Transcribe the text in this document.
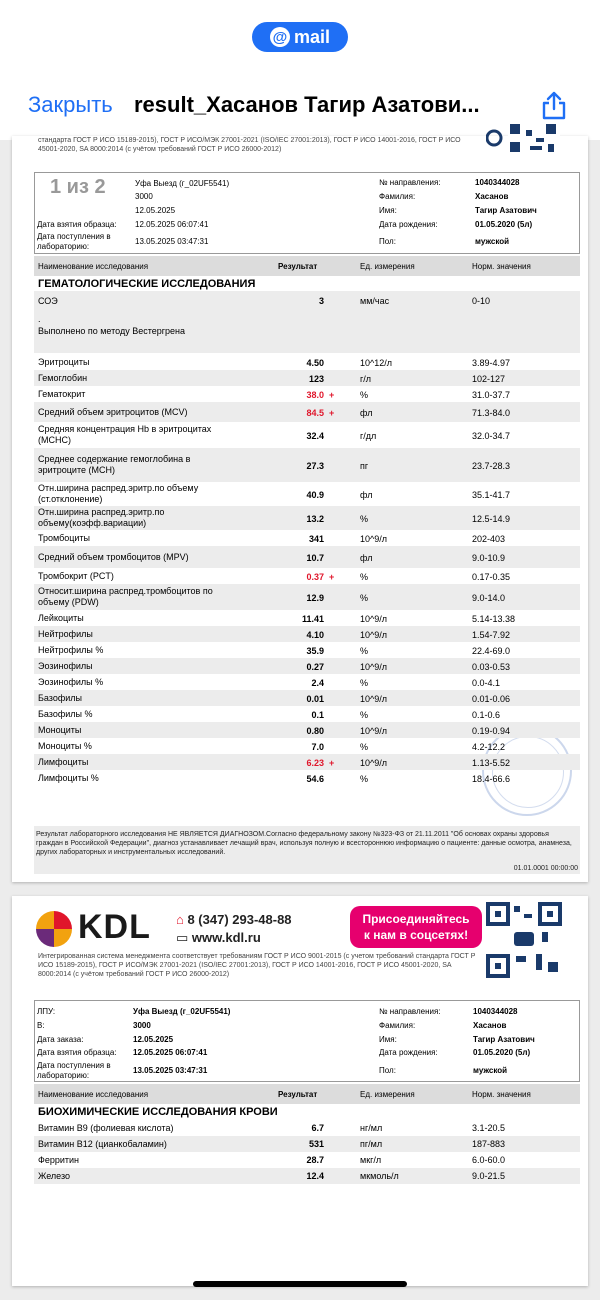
@ mail
Закрыть result_Хасанов Тагир Азатови...
стандарта ГОСТ Р ИСО 15189-2015), ГОСТ Р ИСО/МЭК 27001-2021 (ISO/IEC 27001:2013), ГОСТ Р ИСО 14001-2016, ГОСТ Р ИСО 45001-2020, SA 8000:2014 (с учётом требований ГОСТ Р ИСО 26000-2012)
Уфа Выезд (г_02UF5541)
3000
12.05.2025
Дата взятия образца: 12.05.2025 06:07:41
Дата поступления в лабораторию:
13.05.2025 03:47:31
№ направления:	1040344028
Фамилия:	Хасанов
Имя:	Тагир Азатович
Дата рождения:	01.05.2020 (5л)
Пол:	мужской
1 из 2
Наименование исследования	Результат	Ед. измерения	Норм. значения
ГЕМАТОЛОГИЧЕСКИЕ ИССЛЕДОВАНИЯ
СОЭ	3	мм/час	0-10
.
Выполнено по методу Вестергрена
Результат лабораторного исследования НЕ ЯВЛЯЕТСЯ ДИАГНОЗОМ.Согласно федеральному закону №323-ФЗ от 21.11.2011 "Об основах охраны здоровья граждан в Российской Федерации", диагноз устанавливает лечащий врач, используя полную и всестороннюю информацию о пациенте: данные осмотра, анамнеза, других лабораторных и инструментальных исследований.
01.01.0001 00:00:00
Эритроциты	4.50	10^12/л	3.89-4.97
Гемоглобин	123	г/л	102-127
Гематокрит	38.0 +	%	31.0-37.7
Средний объем эритроцитов (MCV)	84.5 +	фл	71.3-84.0
Средняя концентрация Hb в эритроцитах (MCHC)	32.4	г/дл	32.0-34.7
Среднее содержание гемоглобина в эритроците (MCH)	27.3	пг	23.7-28.3
Отн.ширина распред.эритр.по объему (ст.отклонение)	40.9	фл	35.1-41.7
Отн.ширина распред.эритр.по объему(коэфф.вариации)	13.2	%	12.5-14.9
Тромбоциты	341	10^9/л	202-403
Средний объем тромбоцитов (MPV)	10.7	фл	9.0-10.9
Тромбокрит (PCT)	0.37 +	%	0.17-0.35
Относит.ширина распред.тромбоцитов по объему (PDW)	12.9	%	9.0-14.0
Лейкоциты	11.41	10^9/л	5.14-13.38
Нейтрофилы	4.10	10^9/л	1.54-7.92
Нейтрофилы %	35.9	%	22.4-69.0
Эозинофилы	0.27	10^9/л	0.03-0.53
Эозинофилы %	2.4	%	0.0-4.1
Базофилы	0.01	10^9/л	0.01-0.06
Базофилы %	0.1	%	0.1-0.6
Моноциты	0.80	10^9/л	0.19-0.94
Моноциты %	7.0	%	4.2-12.2
Лимфоциты	6.23 +	10^9/л	1.13-5.52
Лимфоциты %	54.6	%	18.4-66.6
KDL ⌂ 8 (347) 293-48-88
▭ www.kdl.ru
Присоединяйтесь
к нам в соцсетях!
Интегрированная система менеджмента соответствует требованиям ГОСТ Р ИСО 9001-2015 (с учетом требований стандарта ГОСТ Р ИСО 15189-2015), ГОСТ Р ИСО/МЭК 27001-2021 (ISO/IEC 27001:2013), ГОСТ Р ИСО 14001-2016, ГОСТ Р ИСО 45001-2020, SA 8000:2014 (с учётом требований ГОСТ Р ИСО 26000-2012)
ЛПУ:	Уфа Выезд (г_02UF5541)
В:	3000
Дата заказа:	12.05.2025
Дата взятия образца: 12.05.2025 06:07:41
Дата поступления в лабораторию:
13.05.2025 03:47:31
№ направления:	1040344028
Фамилия:	Хасанов
Имя:	Тагир Азатович
Дата рождения:	01.05.2020 (5л)
Пол:	мужской
Наименование исследования	Результат	Ед. измерения	Норм. значения
БИОХИМИЧЕСКИЕ ИССЛЕДОВАНИЯ КРОВИ
Витамин B9 (фолиевая кислота)	6.7	нг/мл	3.1-20.5
Витамин B12 (цианкобаламин)	531	пг/мл	187-883
Ферритин	28.7	мкг/л	6.0-60.0
Железо	12.4	мкмоль/л	9.0-21.5
